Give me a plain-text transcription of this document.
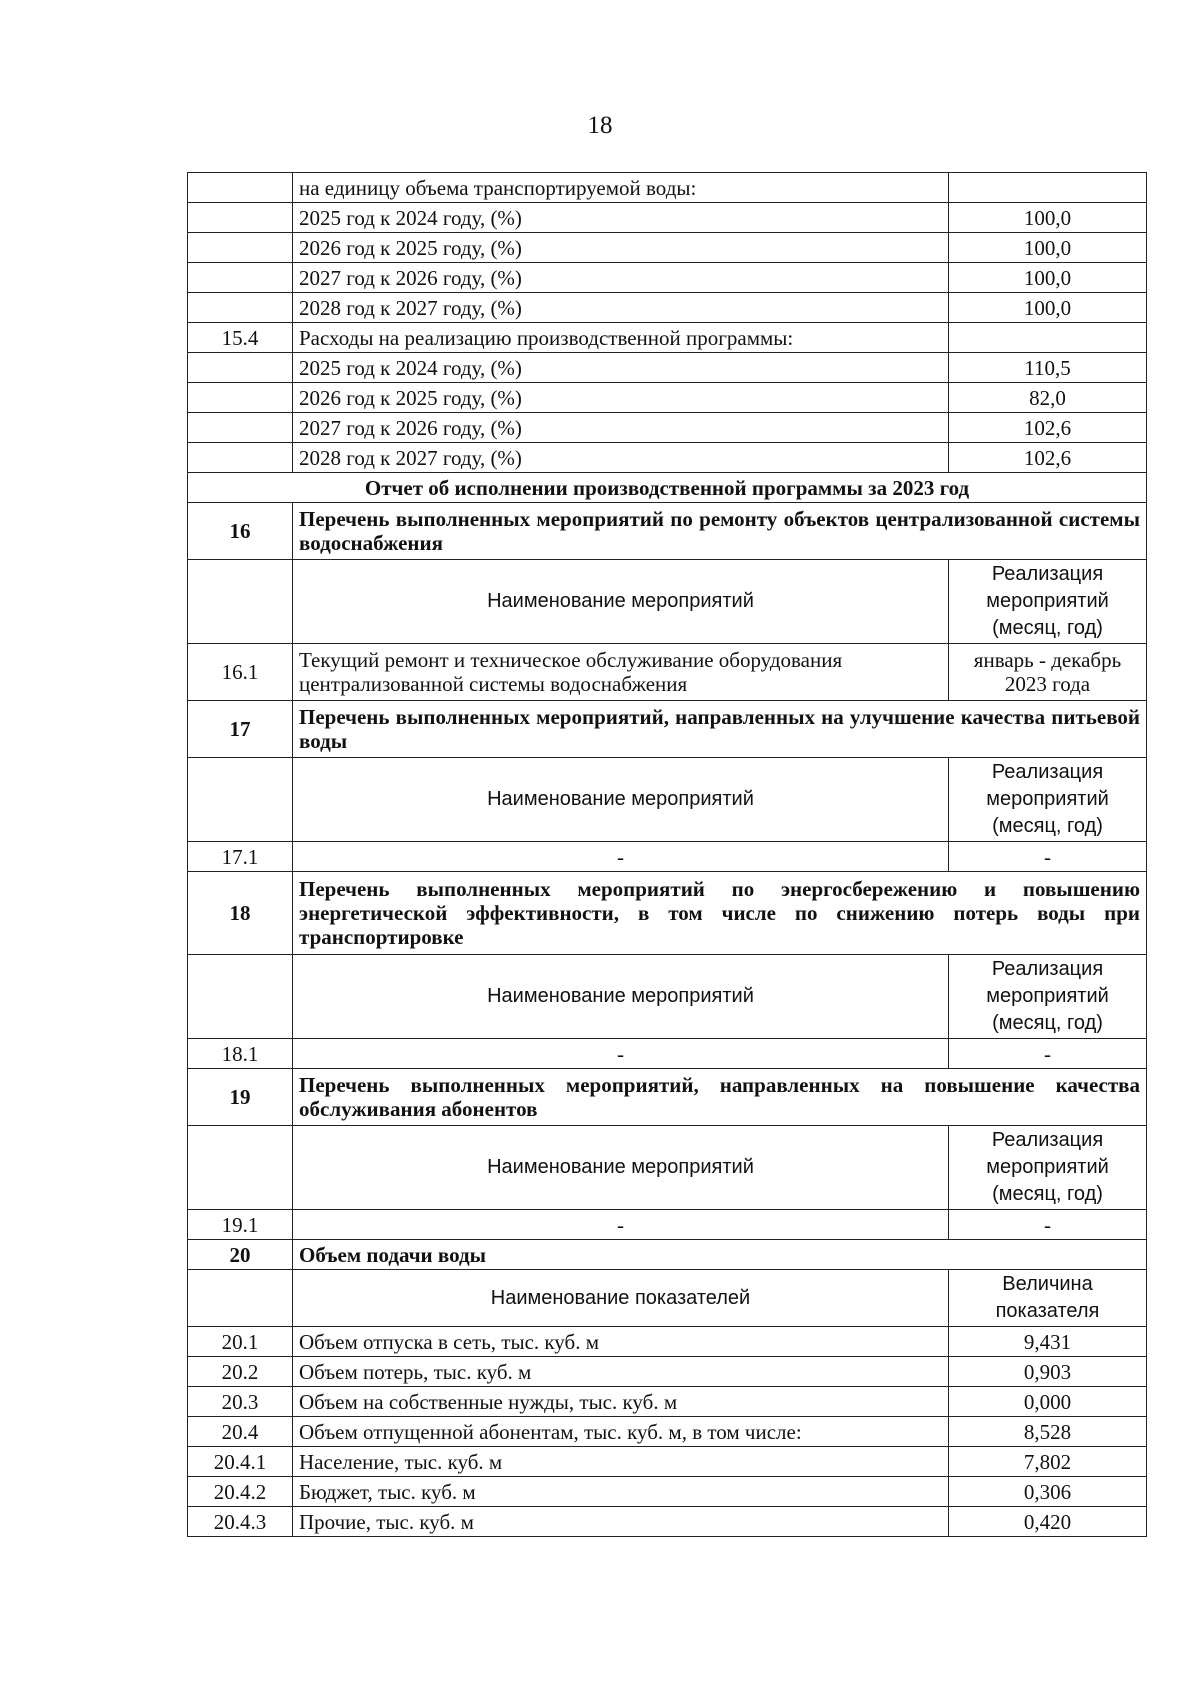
18
	на единицу объема транспортируемой воды:	
	2025 год к 2024 году, (%)	100,0
	2026 год к 2025 году, (%)	100,0
	2027 год к 2026 году, (%)	100,0
	2028 год к 2027 году, (%)	100,0
15.4	Расходы на реализацию производственной программы:	
	2025 год к 2024 году, (%)	110,5
	2026 год к 2025 году, (%)	82,0
	2027 год к 2026 году, (%)	102,6
	2028 год к 2027 году, (%)	102,6
Отчет об исполнении производственной программы за 2023 год		
16	Перечень выполненных мероприятий по ремонту объектов централизованной системы водоснабжения	
	Наименование мероприятий	Реализация мероприятий (месяц, год)
16.1	Текущий ремонт и техническое обслуживание оборудования централизованной системы водоснабжения	январь - декабрь 2023 года
17	Перечень выполненных мероприятий, направленных на улучшение качества питьевой воды	
	Наименование мероприятий	Реализация мероприятий (месяц, год)
17.1	-	-
18	Перечень выполненных мероприятий по энергосбережению и повышению энергетической эффективности, в том числе по снижению потерь воды при транспортировке	
	Наименование мероприятий	Реализация мероприятий (месяц, год)
18.1	-	-
19	Перечень выполненных мероприятий, направленных на повышение качества обслуживания абонентов	
	Наименование мероприятий	Реализация мероприятий (месяц, год)
19.1	-	-
20	Объем подачи воды	
	Наименование показателей	Величина показателя
20.1	Объем отпуска в сеть, тыс. куб. м	9,431
20.2	Объем потерь, тыс. куб. м	0,903
20.3	Объем на собственные нужды, тыс. куб. м	0,000
20.4	Объем отпущенной абонентам, тыс. куб. м, в том числе:	8,528
20.4.1	Население, тыс. куб. м	7,802
20.4.2	Бюджет, тыс. куб. м	0,306
20.4.3	Прочие, тыс. куб. м	0,420
